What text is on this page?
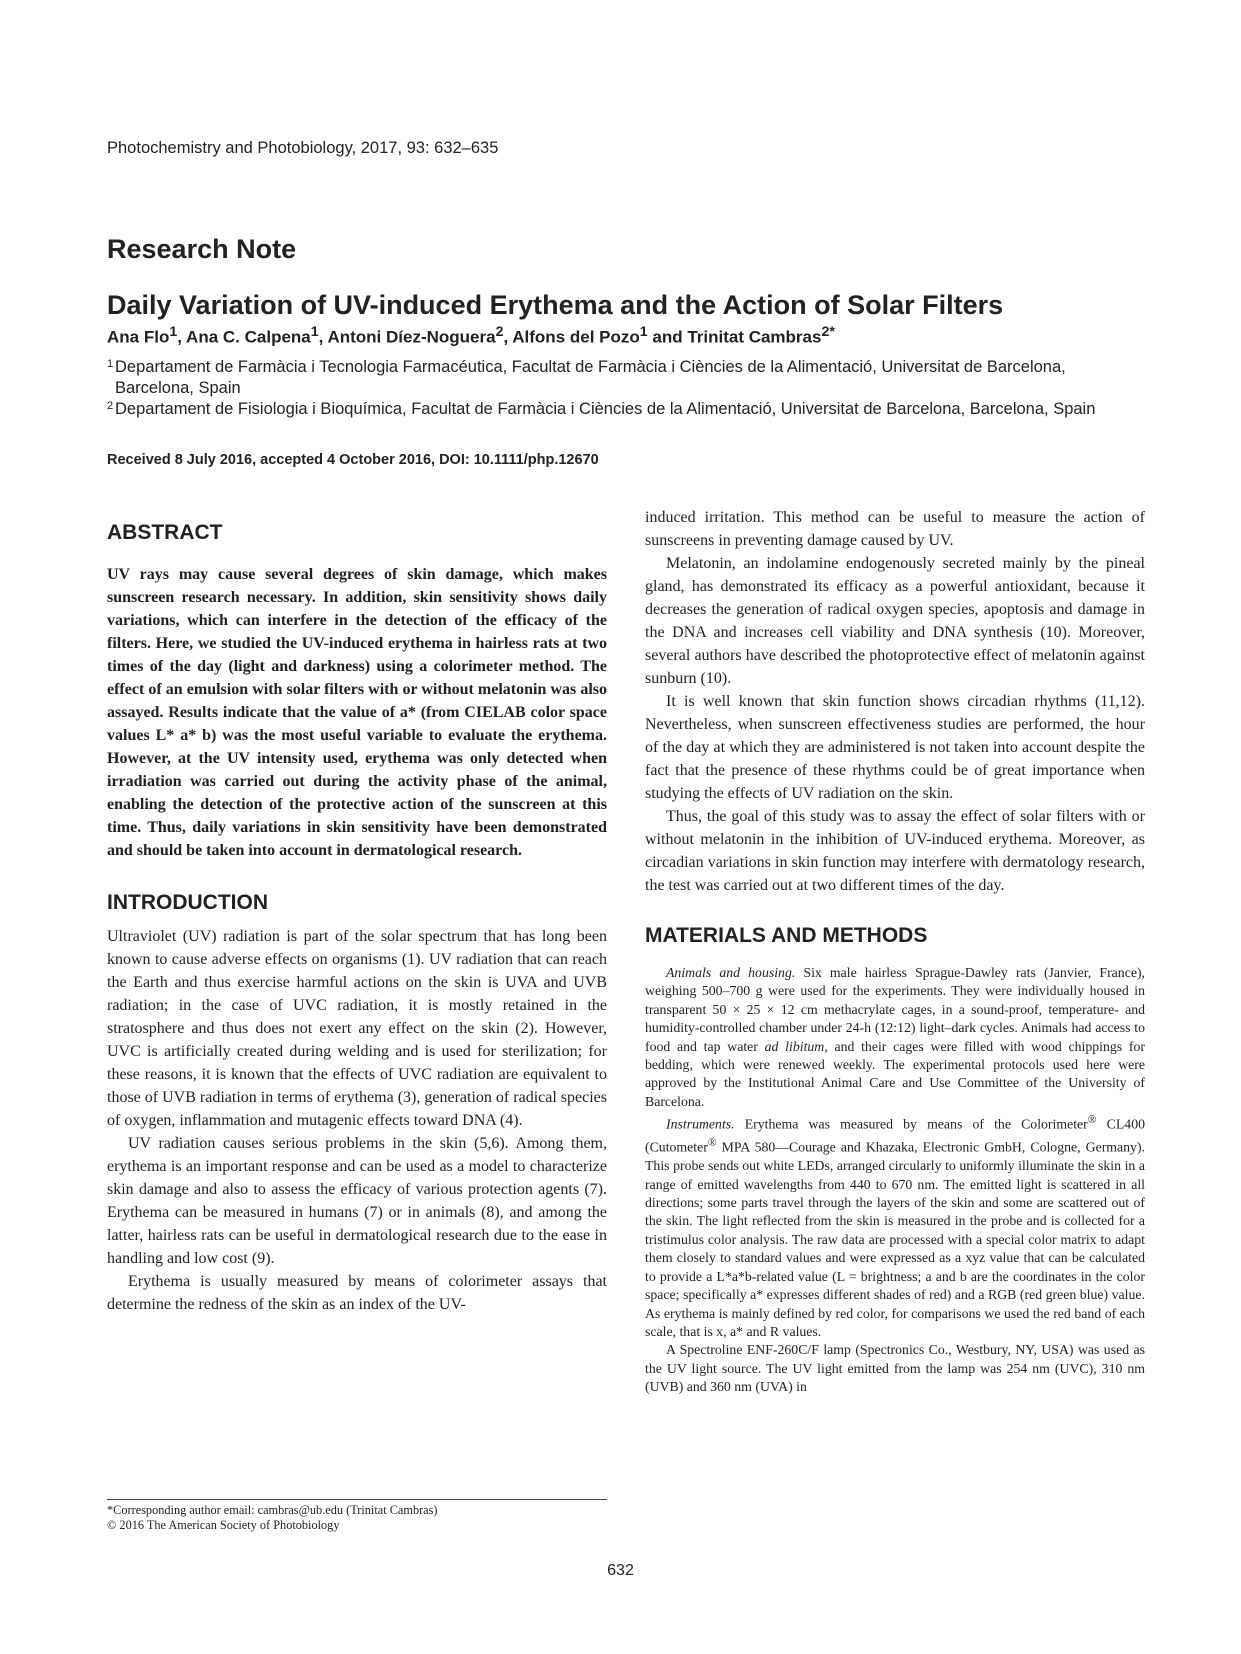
Photochemistry and Photobiology, 2017, 93: 632–635
Research Note
Daily Variation of UV-induced Erythema and the Action of Solar Filters
Ana Flo$^1$, Ana C. Calpena$^1$, Antoni Díez-Noguera$^2$, Alfons del Pozo$^1$ and Trinitat Cambras$^{2*}$

1 Departament de Farmàcia i Tecnologia Farmacéutica, Facultat de Farmàcia i Ciències de la Alimentació, Universitat de Barcelona, Barcelona, Spain

2 Departament de Fisiologia i Bioquímica, Facultat de Farmàcia i Ciències de la Alimentació, Universitat de Barcelona, Barcelona, Spain

Received 8 July 2016, accepted 4 October 2016, DOI: 10.1111/php.12670
ABSTRACT
UV rays may cause several degrees of skin damage, which makes sunscreen research necessary. In addition, skin sensitivity shows daily variations, which can interfere in the detection of the efficacy of the filters. Here, we studied the UV-induced erythema in hairless rats at two times of the day (light and darkness) using a colorimeter method. The effect of an emulsion with solar filters with or without melatonin was also assayed. Results indicate that the value of a* (from CIELAB color space values L* a* b) was the most useful variable to evaluate the erythema. However, at the UV intensity used, erythema was only detected when irradiation was carried out during the activity phase of the animal, enabling the detection of the protective action of the sunscreen at this time. Thus, daily variations in skin sensitivity have been demonstrated and should be taken into account in dermatological research.
INTRODUCTION

Ultraviolet (UV) radiation is part of the solar spectrum that has long been known to cause adverse effects on organisms (1). UV radiation that can reach the Earth and thus exercise harmful actions on the skin is UVA and UVB radiation; in the case of UVC radiation, it is mostly retained in the stratosphere and thus does not exert any effect on the skin (2). However, UVC is artificially created during welding and is used for sterilization; for these reasons, it is known that the effects of UVC radiation are equivalent to those of UVB radiation in terms of erythema (3), generation of radical species of oxygen, inflammation and mutagenic effects toward DNA (4).

UV radiation causes serious problems in the skin (5,6). Among them, erythema is an important response and can be used as a model to characterize skin damage and also to assess the efficacy of various protection agents (7). Erythema can be measured in humans (7) or in animals (8), and among the latter, hairless rats can be useful in dermatological research due to the ease in handling and low cost (9).

Erythema is usually measured by means of colorimeter assays that determine the redness of the skin as an index of the UV-

induced irritation. This method can be useful to measure the action of sunscreens in preventing damage caused by UV.

Melatonin, an indolamine endogenously secreted mainly by the pineal gland, has demonstrated its efficacy as a powerful antioxidant, because it decreases the generation of radical oxygen species, apoptosis and damage in the DNA and increases cell viability and DNA synthesis (10). Moreover, several authors have described the photoprotective effect of melatonin against sunburn (10).

It is well known that skin function shows circadian rhythms (11,12). Nevertheless, when sunscreen effectiveness studies are performed, the hour of the day at which they are administered is not taken into account despite the fact that the presence of these rhythms could be of great importance when studying the effects of UV radiation on the skin.

Thus, the goal of this study was to assay the effect of solar filters with or without melatonin in the inhibition of UV-induced erythema. Moreover, as circadian variations in skin function may interfere with dermatology research, the test was carried out at two different times of the day.

MATERIALS AND METHODS

Animals and housing. Six male hairless Sprague-Dawley rats (Janvier, France), weighing 500–700 g were used for the experiments. They were individually housed in transparent 50 × 25 × 12 cm methacrylate cages, in a sound-proof, temperature- and humidity-controlled chamber under 24-h (12:12) light–dark cycles. Animals had access to food and tap water ad libitum, and their cages were filled with wood chippings for bedding, which were renewed weekly. The experimental protocols used here were approved by the Institutional Animal Care and Use Committee of the University of Barcelona.

Instruments. Erythema was measured by means of the Colorimeter® CL400 (Cutometer® MPA 580—Courage and Khazaka, Electronic GmbH, Cologne, Germany). This probe sends out white LEDs, arranged circularly to uniformly illuminate the skin in a range of emitted wavelengths from 440 to 670 nm. The emitted light is scattered in all directions; some parts travel through the layers of the skin and some are scattered out of the skin. The light reflected from the skin is measured in the probe and is collected for a tristimulus color analysis. The raw data are processed with a special color matrix to adapt them closely to standard values and were expressed as a xyz value that can be calculated to provide a L*a*b-related value (L = brightness; a and b are the coordinates in the color space; specifically a* expresses different shades of red) and a RGB (red green blue) value. As erythema is mainly defined by red color, for comparisons we used the red band of each scale, that is x, a* and R values.

A Spectroline ENF-260C/F lamp (Spectronics Co., Westbury, NY, USA) was used as the UV light source. The UV light emitted from the lamp was 254 nm (UVC), 310 nm (UVB) and 360 nm (UVA) in

*Corresponding author email: cambras@ub.edu (Trinitat Cambras)
© 2016 The American Society of Photobiology
632
